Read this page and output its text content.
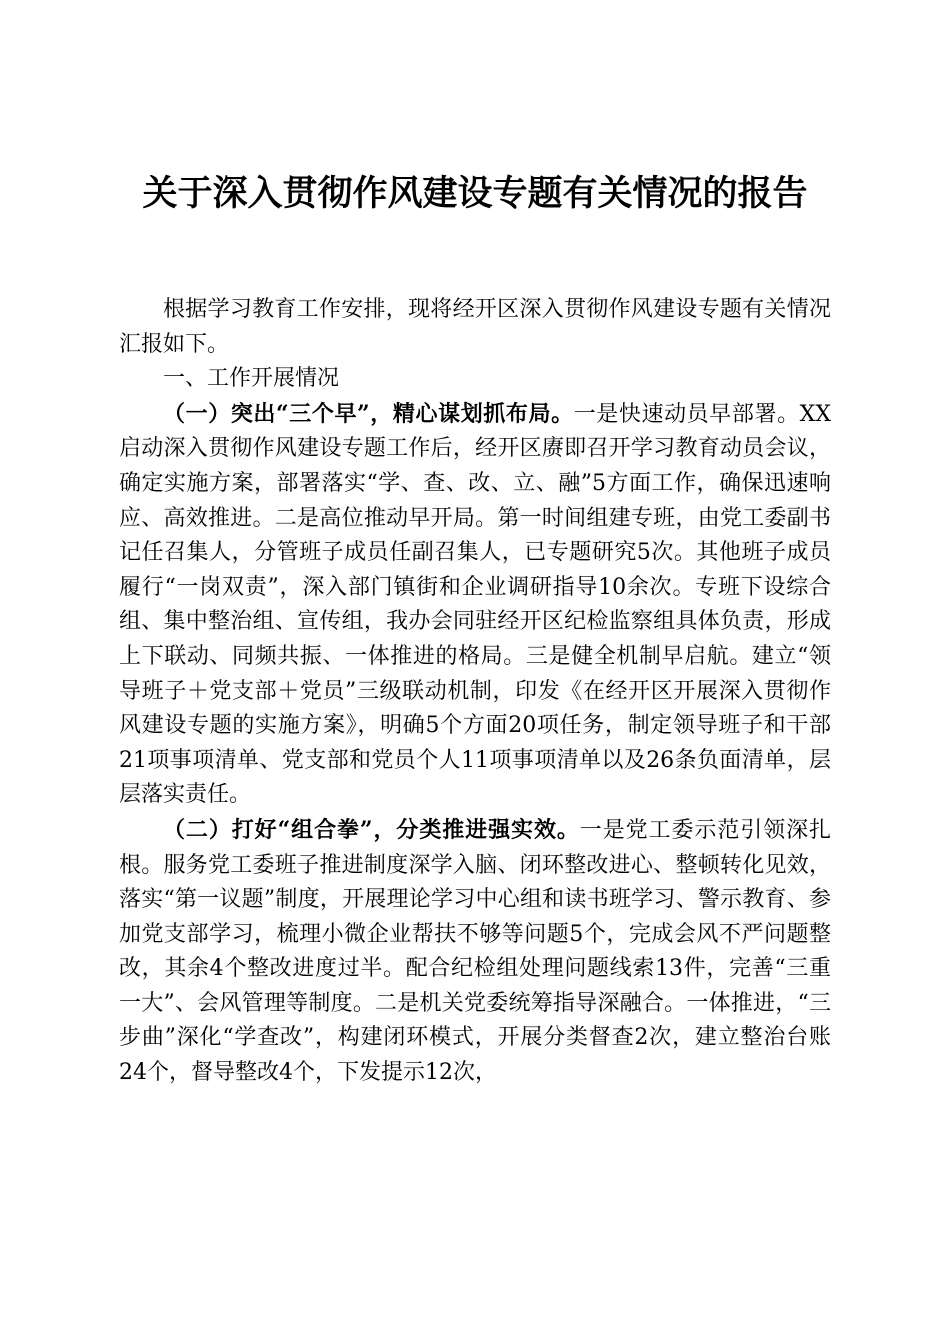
关于深入贯彻作风建设专题有关情况的报告

根据学习教育工作安排，现将经开区深入贯彻作风建设专题有关情况汇报如下。

一、工作开展情况

（一）突出“三个早”，精心谋划抓布局。一是快速动员早部署。XX启动深入贯彻作风建设专题工作后，经开区赓即召开学习教育动员会议，确定实施方案，部署落实“学、查、改、立、融”5方面工作，确保迅速响应、高效推进。二是高位推动早开局。第一时间组建专班，由党工委副书记任召集人，分管班子成员任副召集人，已专题研究5次。其他班子成员履行“一岗双责”，深入部门镇街和企业调研指导10余次。专班下设综合组、集中整治组、宣传组，我办会同驻经开区纪检监察组具体负责，形成上下联动、同频共振、一体推进的格局。三是健全机制早启航。建立“领导班子＋党支部＋党员”三级联动机制，印发《在经开区开展深入贯彻作风建设专题的实施方案》，明确5个方面20项任务，制定领导班子和干部21项事项清单、党支部和党员个人11项事项清单以及26条负面清单，层层落实责任。

（二）打好“组合拳”，分类推进强实效。一是党工委示范引领深扎根。服务党工委班子推进制度深学入脑、闭环整改进心、整顿转化见效，落实“第一议题”制度，开展理论学习中心组和读书班学习、警示教育、参加党支部学习，梳理小微企业帮扶不够等问题5个，完成会风不严问题整改，其余4个整改进度过半。配合纪检组处理问题线索13件，完善“三重一大”、会风管理等制度。二是机关党委统筹指导深融合。一体推进，“三步曲”深化“学查改”，构建闭环模式，开展分类督查2次，建立整治台账24个，督导整改4个，下发提示12次，
